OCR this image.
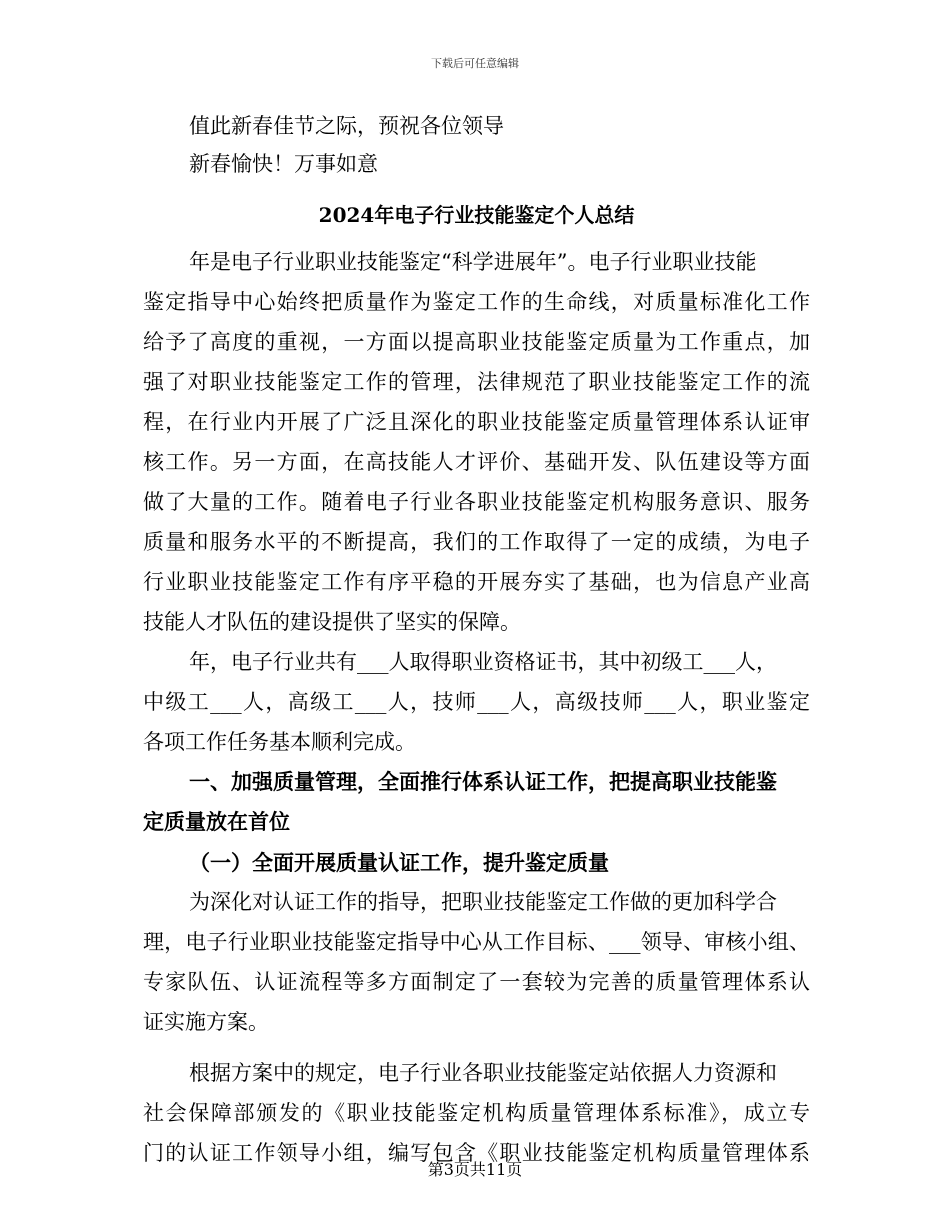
下载后可任意编辑
值此新春佳节之际，预祝各位领导
新春愉快！万事如意
2024年电子行业技能鉴定个人总结
年是电子行业职业技能鉴定“科学进展年”。电子行业职业技能
鉴定指导中心始终把质量作为鉴定工作的生命线，对质量标准化工作
给予了高度的重视，一方面以提高职业技能鉴定质量为工作重点，加
强了对职业技能鉴定工作的管理，法律规范了职业技能鉴定工作的流
程，在行业内开展了广泛且深化的职业技能鉴定质量管理体系认证审
核工作。另一方面，在高技能人才评价、基础开发、队伍建设等方面
做了大量的工作。随着电子行业各职业技能鉴定机构服务意识、服务
质量和服务水平的不断提高，我们的工作取得了一定的成绩，为电子
行业职业技能鉴定工作有序平稳的开展夯实了基础，也为信息产业高
技能人才队伍的建设提供了坚实的保障。
年，电子行业共有___人取得职业资格证书，其中初级工___人，
中级工___人，高级工___人，技师___人，高级技师___人，职业鉴定
各项工作任务基本顺利完成。
一、加强质量管理，全面推行体系认证工作，把提高职业技能鉴
定质量放在首位
（一）全面开展质量认证工作，提升鉴定质量
为深化对认证工作的指导，把职业技能鉴定工作做的更加科学合
理，电子行业职业技能鉴定指导中心从工作目标、___领导、审核小组、
专家队伍、认证流程等多方面制定了一套较为完善的质量管理体系认
证实施方案。
根据方案中的规定，电子行业各职业技能鉴定站依据人力资源和
社会保障部颁发的《职业技能鉴定机构质量管理体系标准》，成立专
门的认证工作领导小组，编写包含《职业技能鉴定机构质量管理体系
第3页共11页
